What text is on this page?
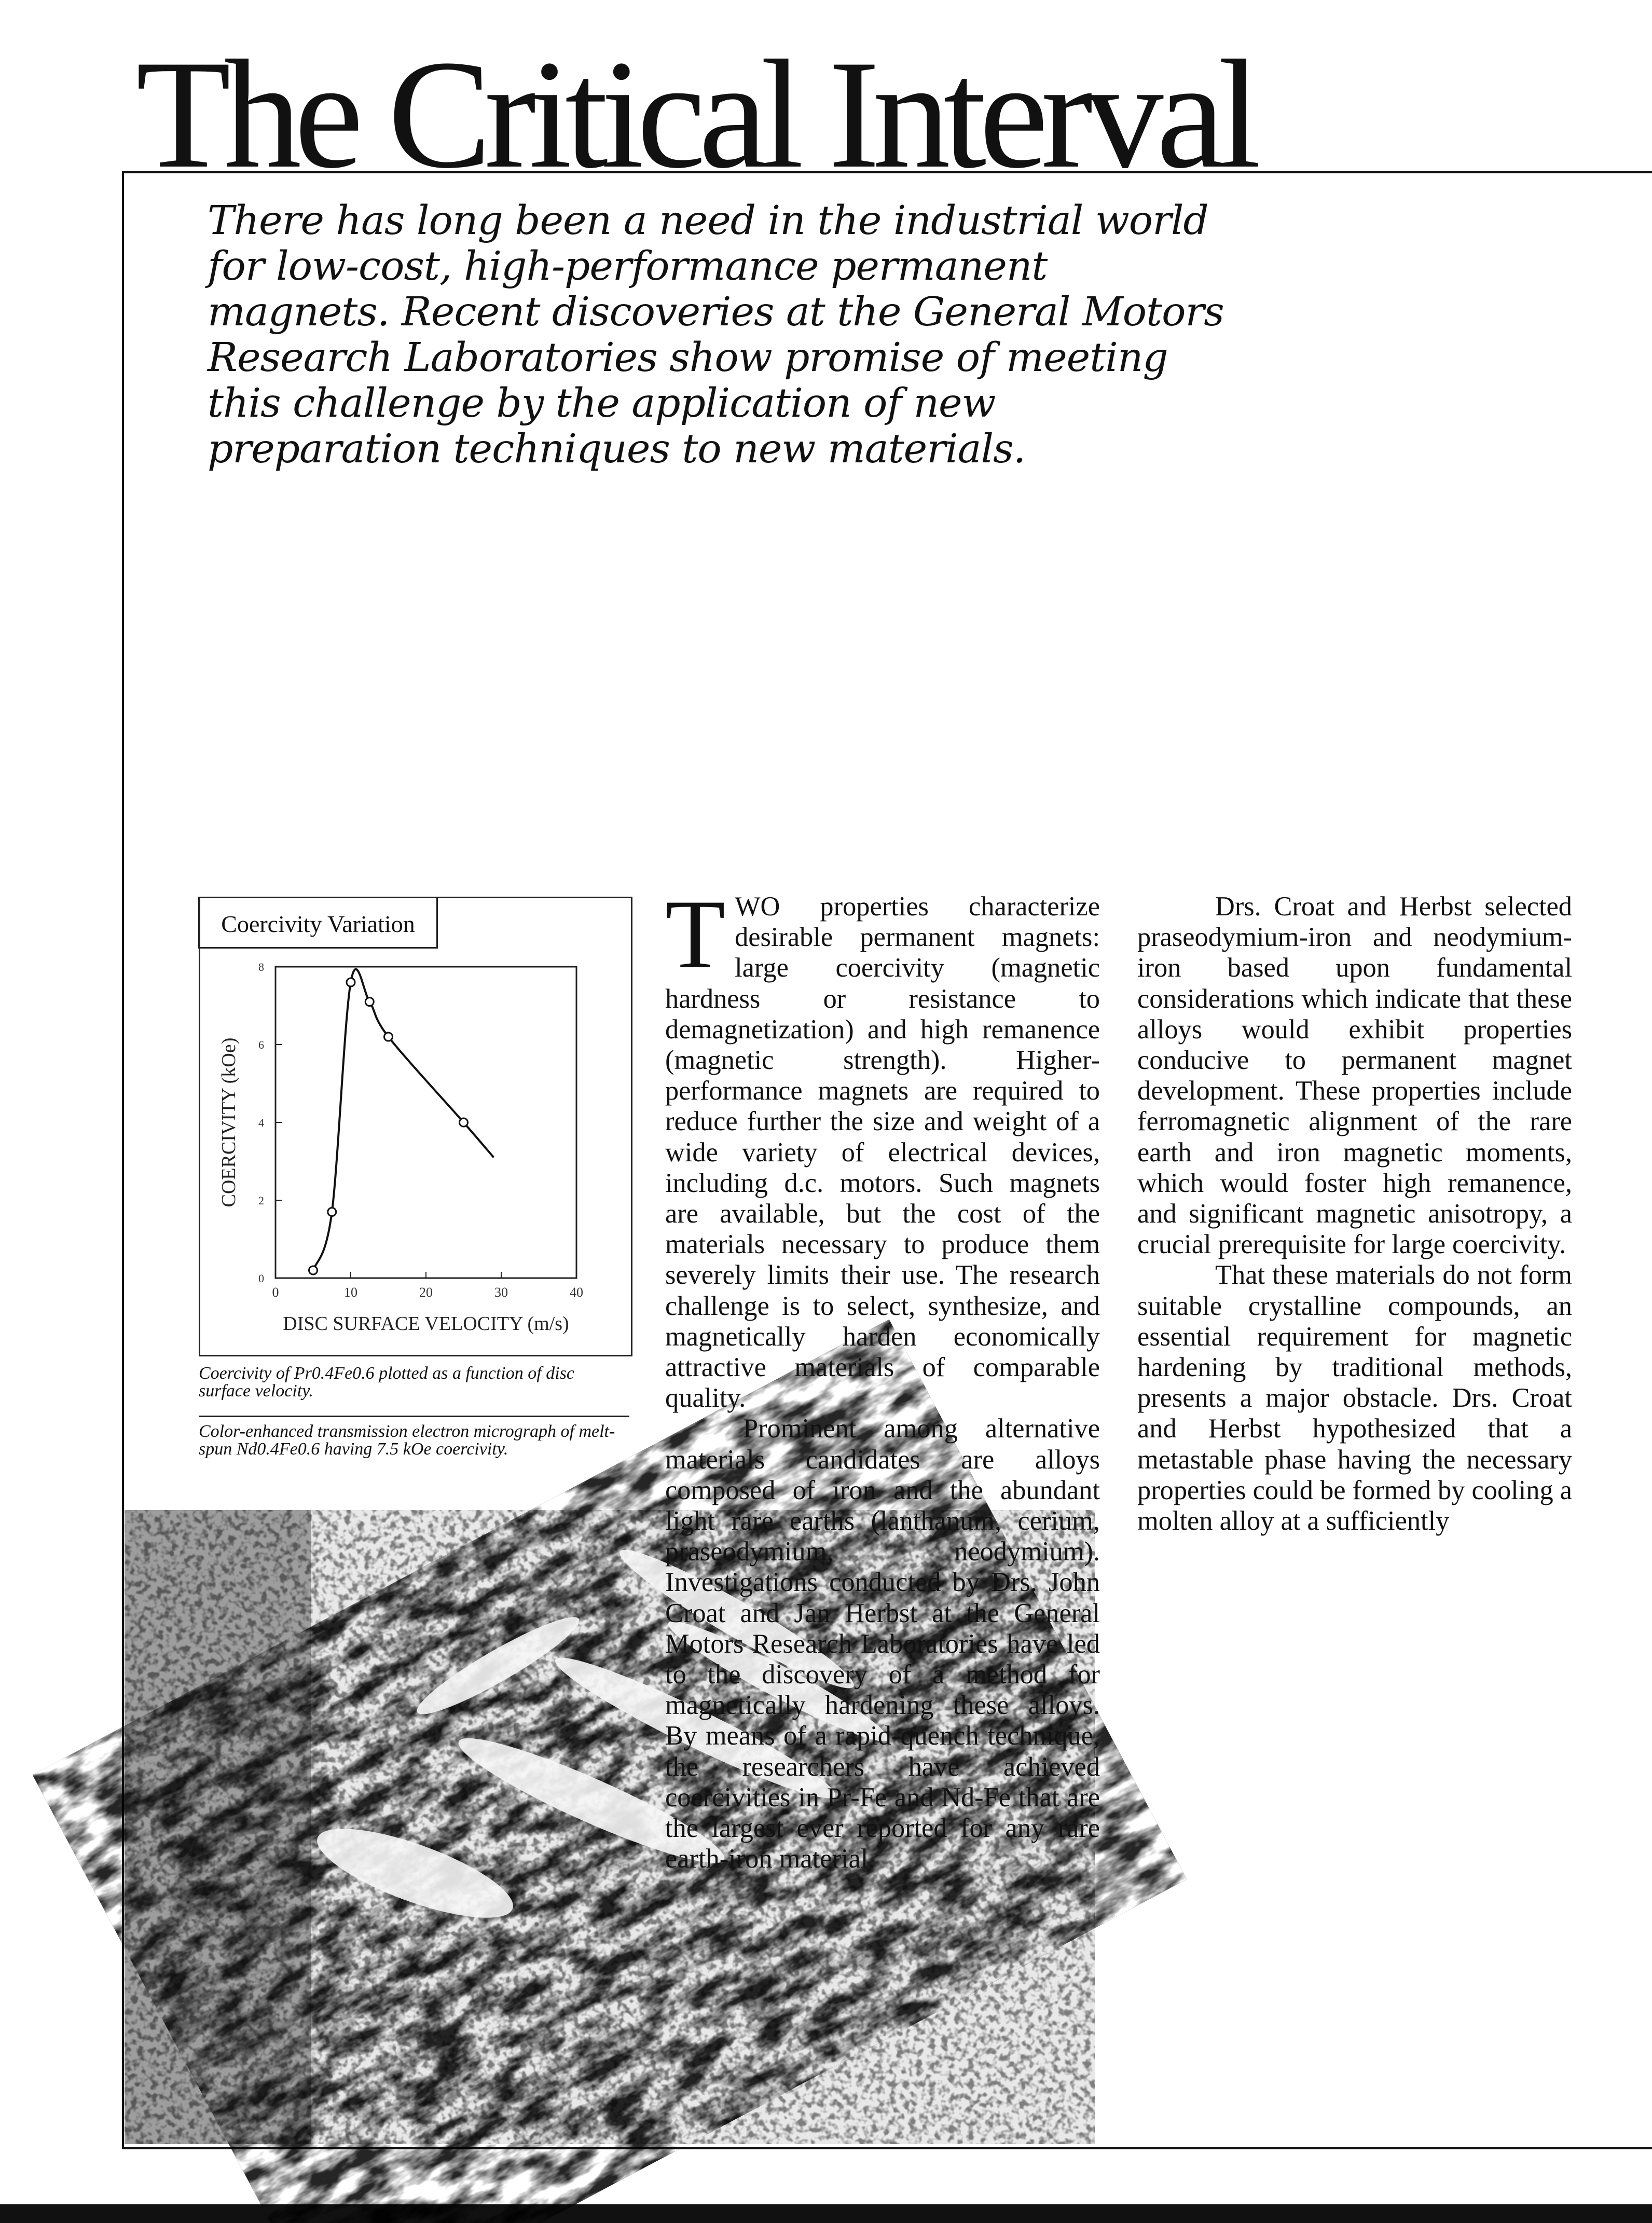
The Critical Interval

There has long been a need in the industrial world for low-cost, high-performance permanent magnets. Recent discoveries at the General Motors Research Laboratories show promise of meeting this challenge by the application of new preparation techniques to new materials.

Coercivity Variation
0	10	20	30	40
0
2
4
6
8
DISC SURFACE VELOCITY (m/s)
COERCIVITY (kOe)

Coercivity of Pr0.4Fe0.6 plotted as a function of disc surface velocity.

Color-enhanced transmission electron micrograph of melt-spun Nd0.4Fe0.6 having 7.5 kOe coercivity.

TWO properties characterize desirable permanent magnets: large coercivity (magnetic hardness or resistance to demagnetization) and high remanence (magnetic strength). Higher-performance magnets are required to reduce further the size and weight of a wide variety of electrical devices, including d.c. motors. Such magnets are available, but the cost of the materials necessary to produce them severely limits their use. The research challenge is to select, synthesize, and magnetically harden economically attractive materials of comparable quality.

Prominent among alternative materials candidates are alloys composed of iron and the abundant light rare earths (lanthanum, cerium, praseodymium, neodymium). Investigations conducted by Drs. John Croat and Jan Herbst at the General Motors Research Laboratories have led to the discovery of a method for magnetically hardening these alloys. By means of a rapid-quench technique, the researchers have achieved coercivities in Pr-Fe and Nd-Fe that are the largest ever reported for any rare earth-iron material.

Drs. Croat and Herbst selected praseodymium-iron and neodymium-iron based upon fundamental considerations which indicate that these alloys would exhibit properties conducive to permanent magnet development. These properties include ferromagnetic alignment of the rare earth and iron magnetic moments, which would foster high remanence, and significant magnetic anisotropy, a crucial prerequisite for large coercivity.

That these materials do not form suitable crystalline compounds, an essential requirement for magnetic hardening by traditional methods, presents a major obstacle. Drs. Croat and Herbst hypothesized that a metastable phase having the necessary properties could be formed by cooling a molten alloy at a sufficiently
